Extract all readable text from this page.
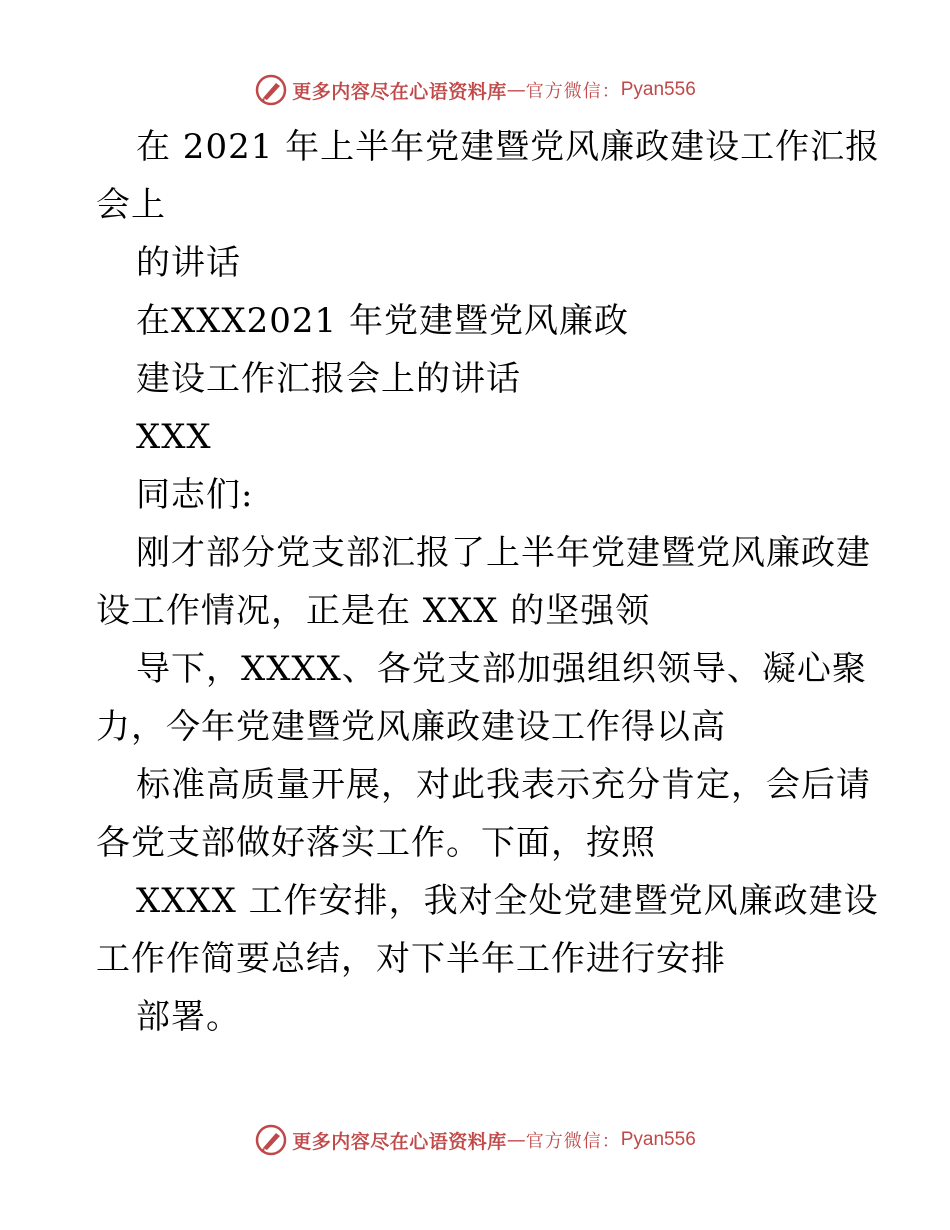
更多内容尽在心语资料库 — 官方微信： Pyan556
在 2021 年上半年党建暨党风廉政建设工作汇报
会上
的讲话
在XXX2021 年党建暨党风廉政
建设工作汇报会上的讲话
XXX
同志们:
刚才部分党支部汇报了上半年党建暨党风廉政建
设工作情况，正是在 XXX 的坚强领
导下，XXXX、各党支部加强组织领导、凝心聚
力，今年党建暨党风廉政建设工作得以高
标准高质量开展，对此我表示充分肯定，会后请
各党支部做好落实工作。下面，按照
XXXX 工作安排，我对全处党建暨党风廉政建设
工作作简要总结，对下半年工作进行安排
部署。
更多内容尽在心语资料库 — 官方微信： Pyan556
